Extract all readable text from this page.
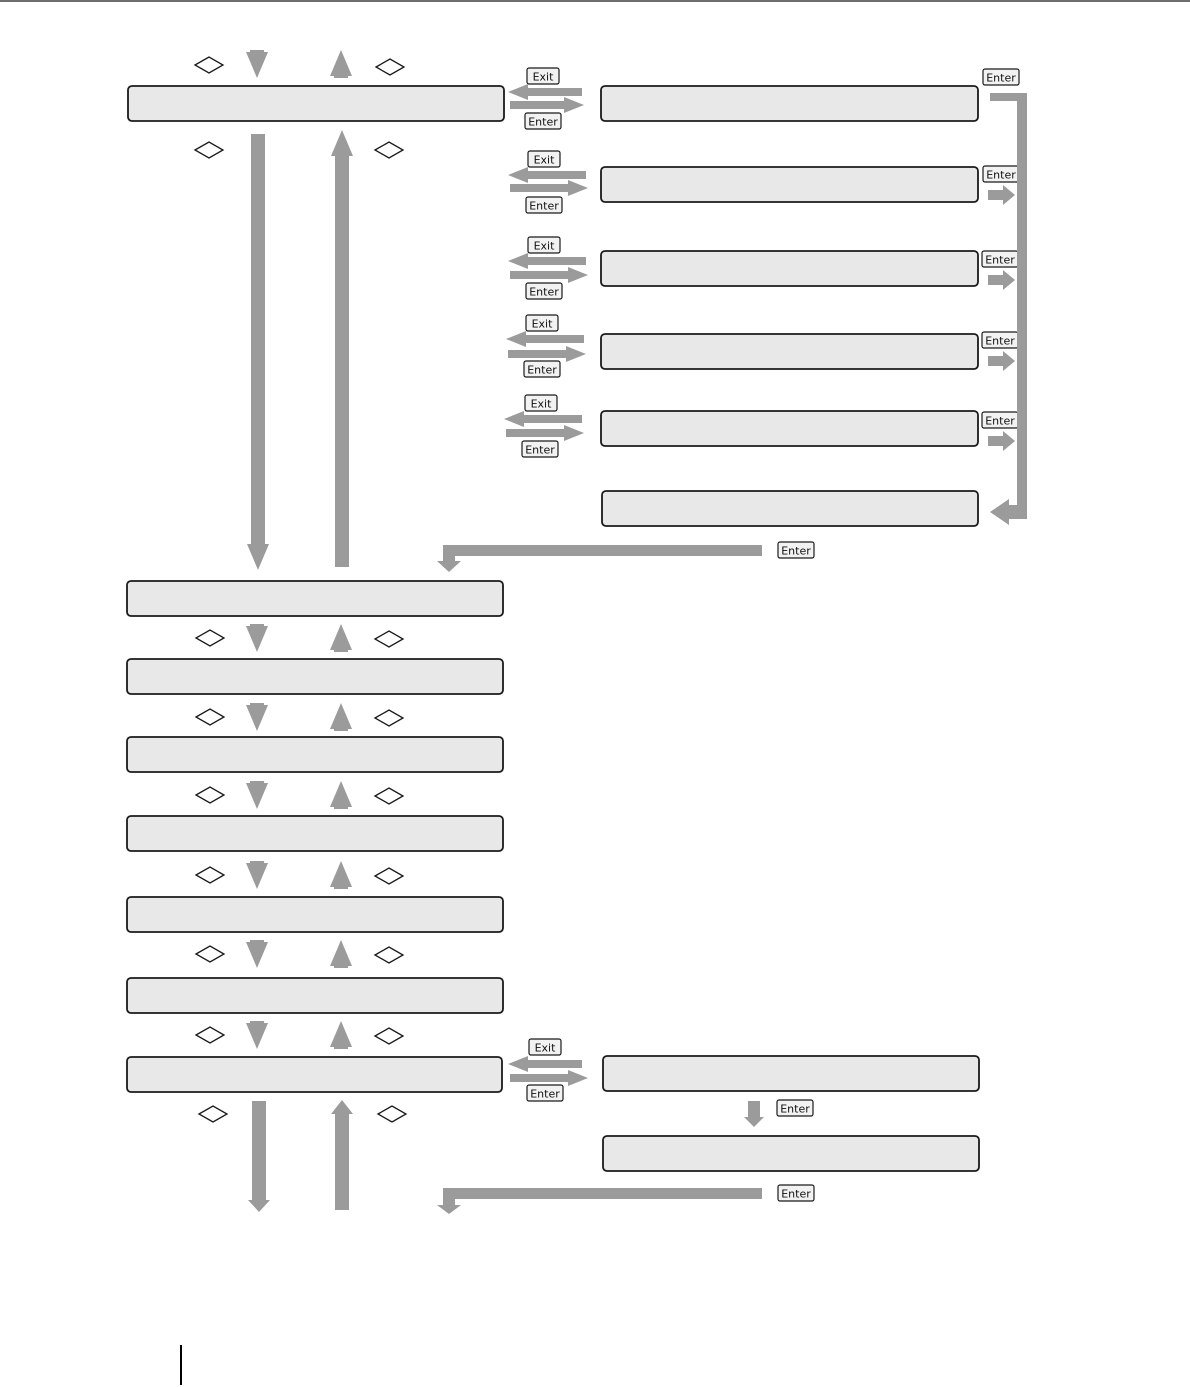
Exit
Enter
Exit
Enter
Exit
Enter
Exit
Enter
Exit
Enter
Enter
Enter
Enter
Enter
Enter
Enter
Exit
Enter
Enter
Enter
